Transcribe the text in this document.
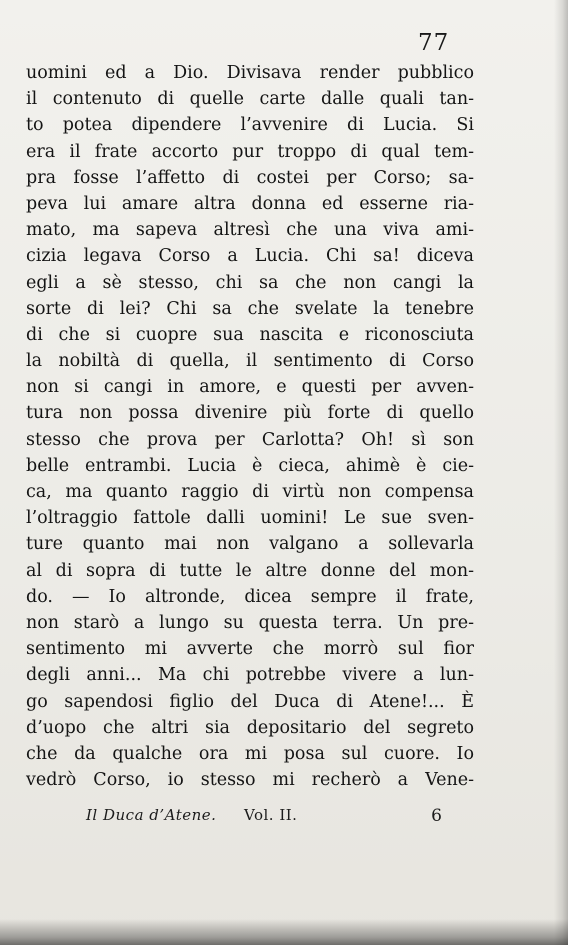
77
uomini ed a Dio. Divisava render pubblico
il contenuto di quelle carte dalle quali tan-
to potea dipendere l’avvenire di Lucia. Si
era il frate accorto pur troppo di qual tem-
pra fosse l’affetto di costei per Corso; sa-
peva lui amare altra donna ed esserne ria-
mato, ma sapeva altresì che una viva ami-
cizia legava Corso a Lucia. Chi sa! diceva
egli a sè stesso, chi sa che non cangi la
sorte di lei? Chi sa che svelate la tenebre
di che si cuopre sua nascita e riconosciuta
la nobiltà di quella, il sentimento di Corso
non si cangi in amore, e questi per avven-
tura non possa divenire più forte di quello
stesso che prova per Carlotta? Oh! sì son
belle entrambi. Lucia è cieca, ahimè è cie-
ca, ma quanto raggio di virtù non compensa
l’oltraggio fattole dalli uomini! Le sue sven-
ture quanto mai non valgano a sollevarla
al di sopra di tutte le altre donne del mon-
do. — Io altronde, dicea sempre il frate,
non starò a lungo su questa terra. Un pre-
sentimento mi avverte che morrò sul fior
degli anni... Ma chi potrebbe vivere a lun-
go sapendosi figlio del Duca di Atene!... È
d’uopo che altri sia depositario del segreto
che da qualche ora mi posa sul cuore. Io
vedrò Corso, io stesso mi recherò a Vene-
Il Duca d’Atene. Vol. II.	6
